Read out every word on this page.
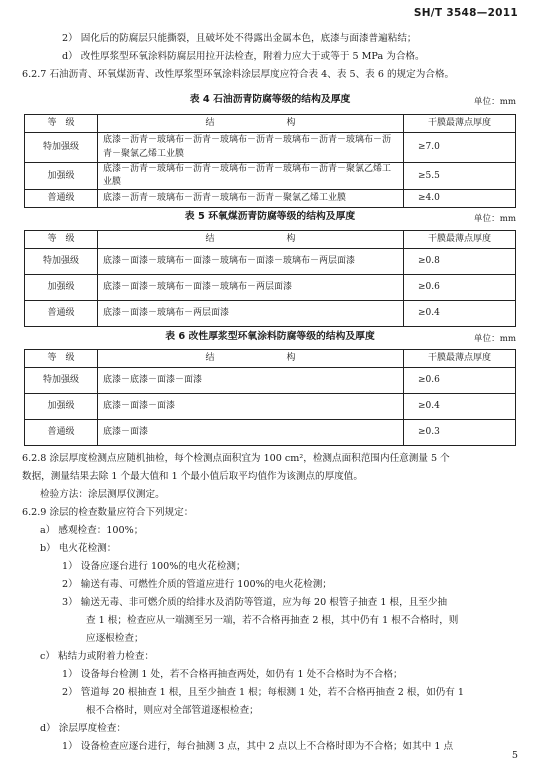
SH/T 3548—2011
2） 固化后的防腐层只能撕裂，且破坏处不得露出金属本色，底漆与面漆普遍粘结；
d） 改性厚浆型环氧涂料防腐层用拉开法检查，附着力应大于或等于 5 MPa 为合格。
6.2.7 石油沥青、环氧煤沥青、改性厚浆型环氧涂料涂层厚度应符合表 4、表 5、表 6 的规定为合格。
表 4 石油沥青防腐等级的结构及厚度	单位：mm
等　级	结　　　　　　　　构	干膜最薄点厚度
特加强级	底漆－沥青－玻璃布－沥青－玻璃布－沥青－玻璃布－沥青－玻璃布－沥青－聚氯乙烯工业膜	≥7.0
加强级	底漆－沥青－玻璃布－沥青－玻璃布－沥青－玻璃布－沥青－聚氯乙烯工业膜	≥5.5
普通级	底漆－沥青－玻璃布－沥青－玻璃布－沥青－聚氯乙烯工业膜	≥4.0
表 5 环氧煤沥青防腐等级的结构及厚度	单位：mm
等　级	结　　　　　　　　构	干膜最薄点厚度
特加强级	底漆－面漆－玻璃布－面漆－玻璃布－面漆－玻璃布－两层面漆	≥0.8
加强级	底漆－面漆－玻璃布－面漆－玻璃布－两层面漆	≥0.6
普通级	底漆－面漆－玻璃布－两层面漆	≥0.4
表 6 改性厚浆型环氧涂料防腐等级的结构及厚度	单位：mm
等　级	结　　　　　　　　构	干膜最薄点厚度
特加强级	底漆－底漆－面漆－面漆	≥0.6
加强级	底漆－面漆－面漆	≥0.4
普通级	底漆－面漆	≥0.3
6.2.8 涂层厚度检测点应随机抽检，每个检测点面积宜为 100 cm²，检测点面积范围内任意测量 5 个
数据，测量结果去除 1 个最大值和 1 个最小值后取平均值作为该测点的厚度值。
检验方法：涂层测厚仪测定。
6.2.9 涂层的检查数量应符合下列规定：
a） 感观检查：100%；
b） 电火花检测：
1） 设备应逐台进行 100%的电火花检测；
2） 输送有毒、可燃性介质的管道应进行 100%的电火花检测；
3） 输送无毒、非可燃介质的给排水及消防等管道，应为每 20 根管子抽查 1 根，且至少抽
查 1 根；检查应从一端测至另一端，若不合格再抽查 2 根，其中仍有 1 根不合格时，则
应逐根检查；
c） 粘结力或附着力检查：
1） 设备每台检测 1 处，若不合格再抽查两处，如仍有 1 处不合格时为不合格；
2） 管道每 20 根抽查 1 根，且至少抽查 1 根；每根测 1 处，若不合格再抽查 2 根，如仍有 1
根不合格时，则应对全部管道逐根检查；
d） 涂层厚度检查：
1） 设备检查应逐台进行，每台抽测 3 点，其中 2 点以上不合格时即为不合格；如其中 1 点
5
